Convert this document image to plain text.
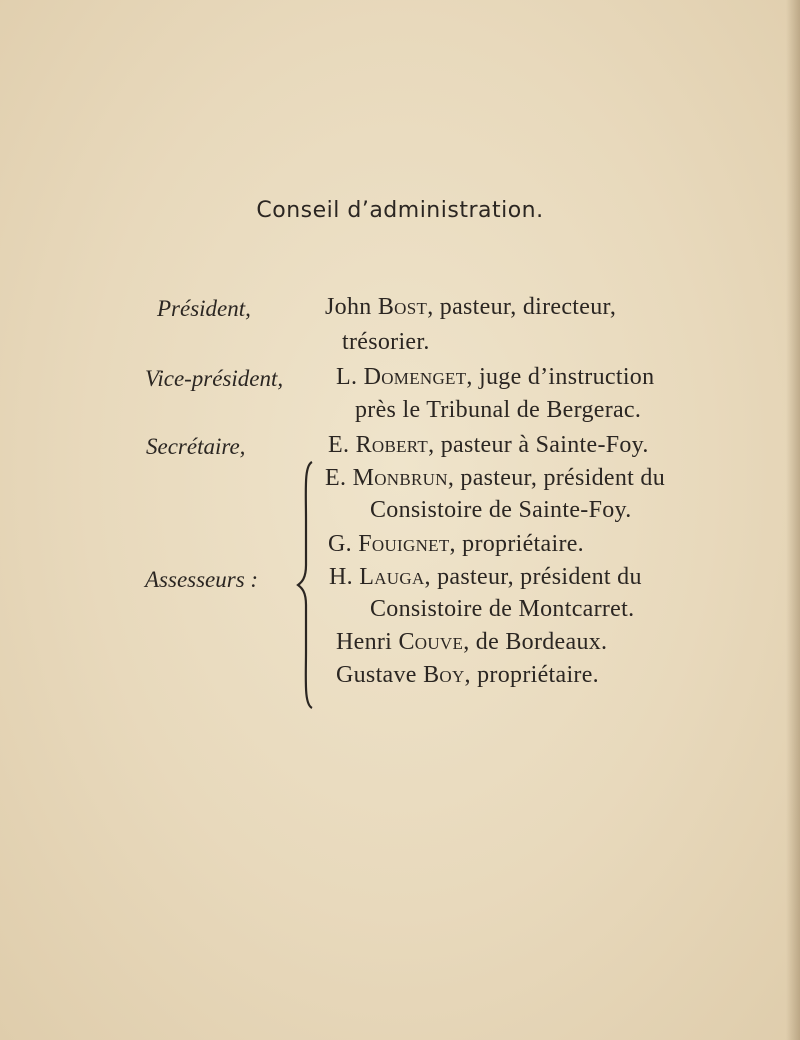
Conseil d’administration.
Président,	John Bost, pasteur, directeur,
trésorier.
Vice-président, L. Domenget, juge d’instruction
près le Tribunal de Bergerac.
Secrétaire,	E. Robert, pasteur à Sainte-Foy.
Assesseurs :
E. Monbrun, pasteur, président du
Consistoire de Sainte-Foy.
G. Fouignet, propriétaire.
H. Lauga, pasteur, président du
Consistoire de Montcarret.
Henri Couve, de Bordeaux.
Gustave Boy, propriétaire.
